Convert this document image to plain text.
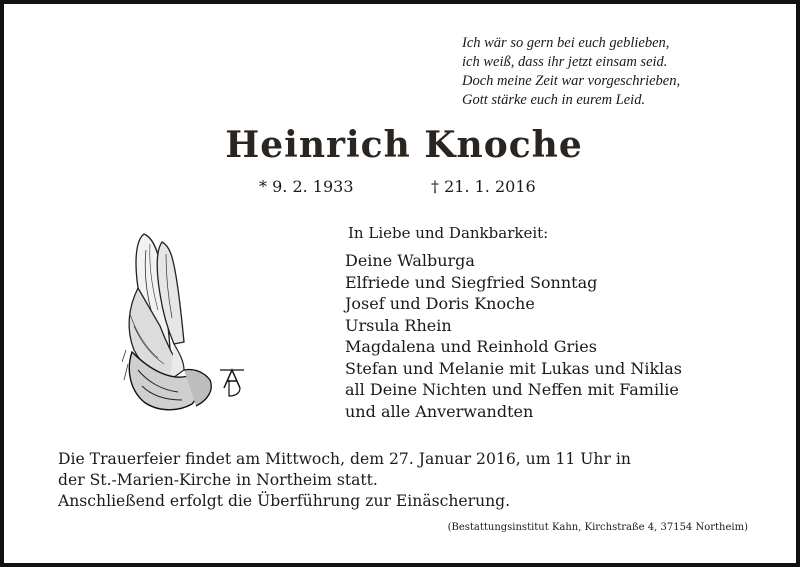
Ich wär so gern bei euch geblieben,
ich weiß, dass ihr jetzt einsam seid.
Doch meine Zeit war vorgeschrieben,
Gott stärke euch in eurem Leid.
Heinrich Knoche
* 9. 2. 1933	† 21. 1. 2016
In Liebe und Dankbarkeit:
Deine Walburga
Elfriede und Siegfried Sonntag
Josef und Doris Knoche
Ursula Rhein
Magdalena und Reinhold Gries
Stefan und Melanie mit Lukas und Niklas
all Deine Nichten und Neffen mit Familie
und alle Anverwandten
Die Trauerfeier findet am Mittwoch, dem 27. Januar 2016, um 11 Uhr in
der St.-Marien-Kirche in Northeim statt.
Anschließend erfolgt die Überführung zur Einäscherung.
(Bestattungsinstitut Kahn, Kirchstraße 4, 37154 Northeim)
